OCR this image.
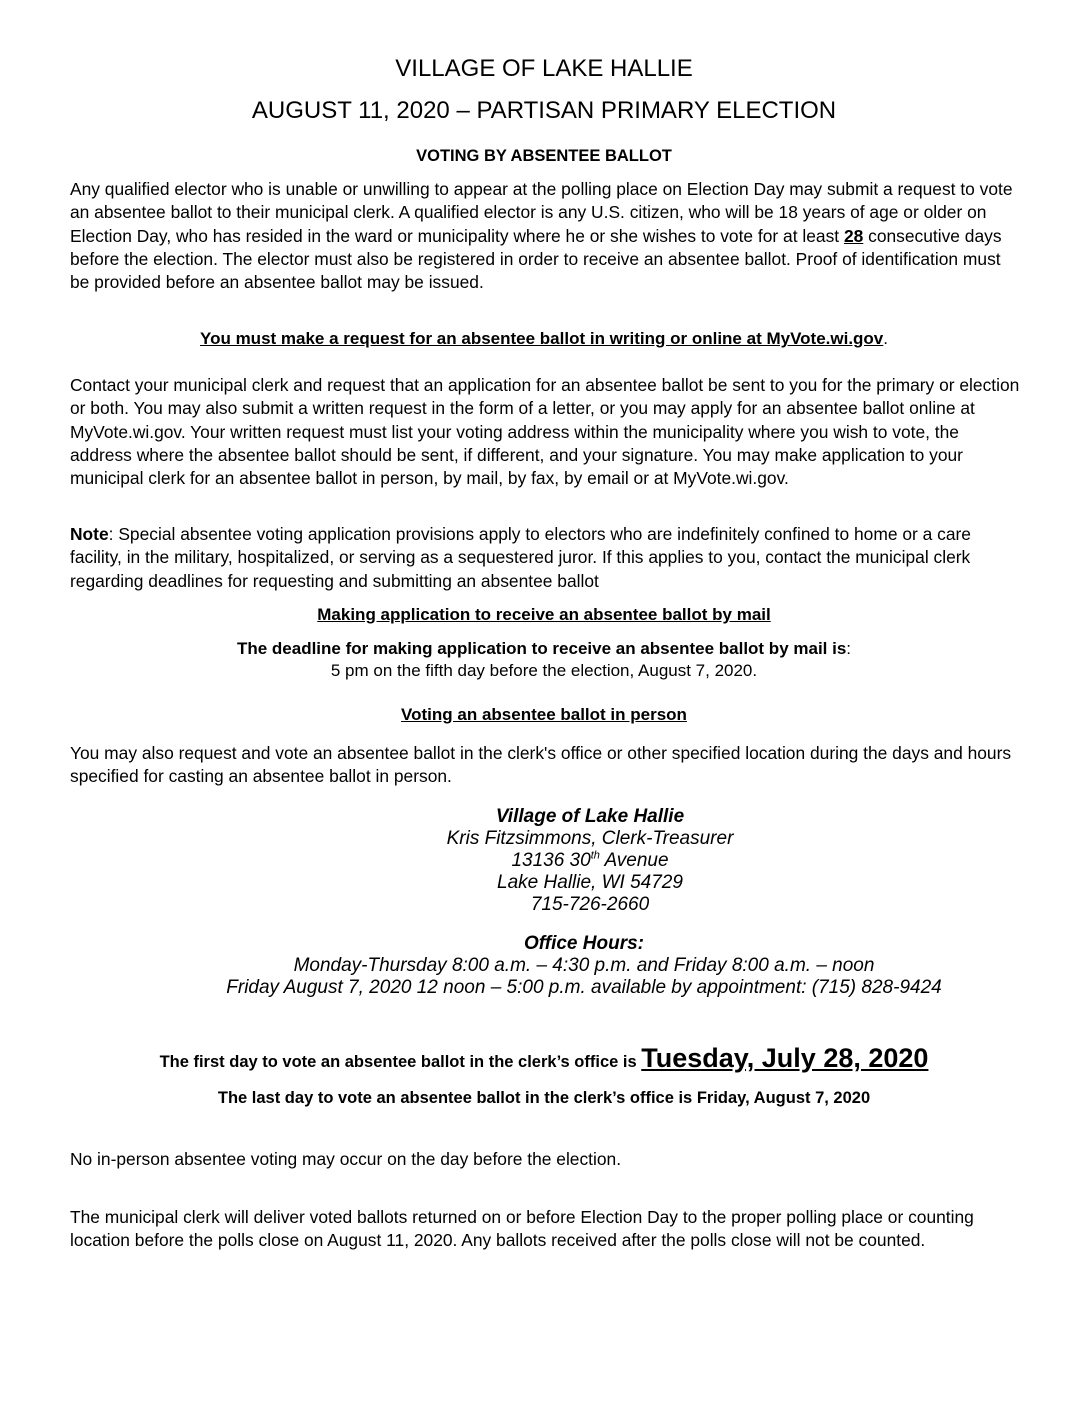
VILLAGE OF LAKE HALLIE
AUGUST 11, 2020 – PARTISAN PRIMARY ELECTION
VOTING BY ABSENTEE BALLOT
Any qualified elector who is unable or unwilling to appear at the polling place on Election Day may submit a request to vote an absentee ballot to their municipal clerk. A qualified elector is any U.S. citizen, who will be 18 years of age or older on Election Day, who has resided in the ward or municipality where he or she wishes to vote for at least 28 consecutive days before the election. The elector must also be registered in order to receive an absentee ballot. Proof of identification must be provided before an absentee ballot may be issued.
You must make a request for an absentee ballot in writing or online at MyVote.wi.gov.
Contact your municipal clerk and request that an application for an absentee ballot be sent to you for the primary or election or both. You may also submit a written request in the form of a letter, or you may apply for an absentee ballot online at MyVote.wi.gov. Your written request must list your voting address within the municipality where you wish to vote, the address where the absentee ballot should be sent, if different, and your signature. You may make application to your municipal clerk for an absentee ballot in person, by mail, by fax, by email or at MyVote.wi.gov.
Note: Special absentee voting application provisions apply to electors who are indefinitely confined to home or a care facility, in the military, hospitalized, or serving as a sequestered juror. If this applies to you, contact the municipal clerk regarding deadlines for requesting and submitting an absentee ballot
Making application to receive an absentee ballot by mail
The deadline for making application to receive an absentee ballot by mail is:
5 pm on the fifth day before the election, August 7, 2020.
Voting an absentee ballot in person
You may also request and vote an absentee ballot in the clerk's office or other specified location during the days and hours specified for casting an absentee ballot in person.
Village of Lake Hallie
Kris Fitzsimmons, Clerk-Treasurer
13136 30th Avenue
Lake Hallie, WI 54729
715-726-2660
Office Hours:
Monday-Thursday 8:00 a.m. – 4:30 p.m. and Friday 8:00 a.m. – noon
Friday August 7, 2020 12 noon – 5:00 p.m. available by appointment: (715) 828-9424
The first day to vote an absentee ballot in the clerk’s office is Tuesday, July 28, 2020
The last day to vote an absentee ballot in the clerk’s office is Friday, August 7, 2020
No in-person absentee voting may occur on the day before the election.
The municipal clerk will deliver voted ballots returned on or before Election Day to the proper polling place or counting location before the polls close on August 11, 2020. Any ballots received after the polls close will not be counted.
